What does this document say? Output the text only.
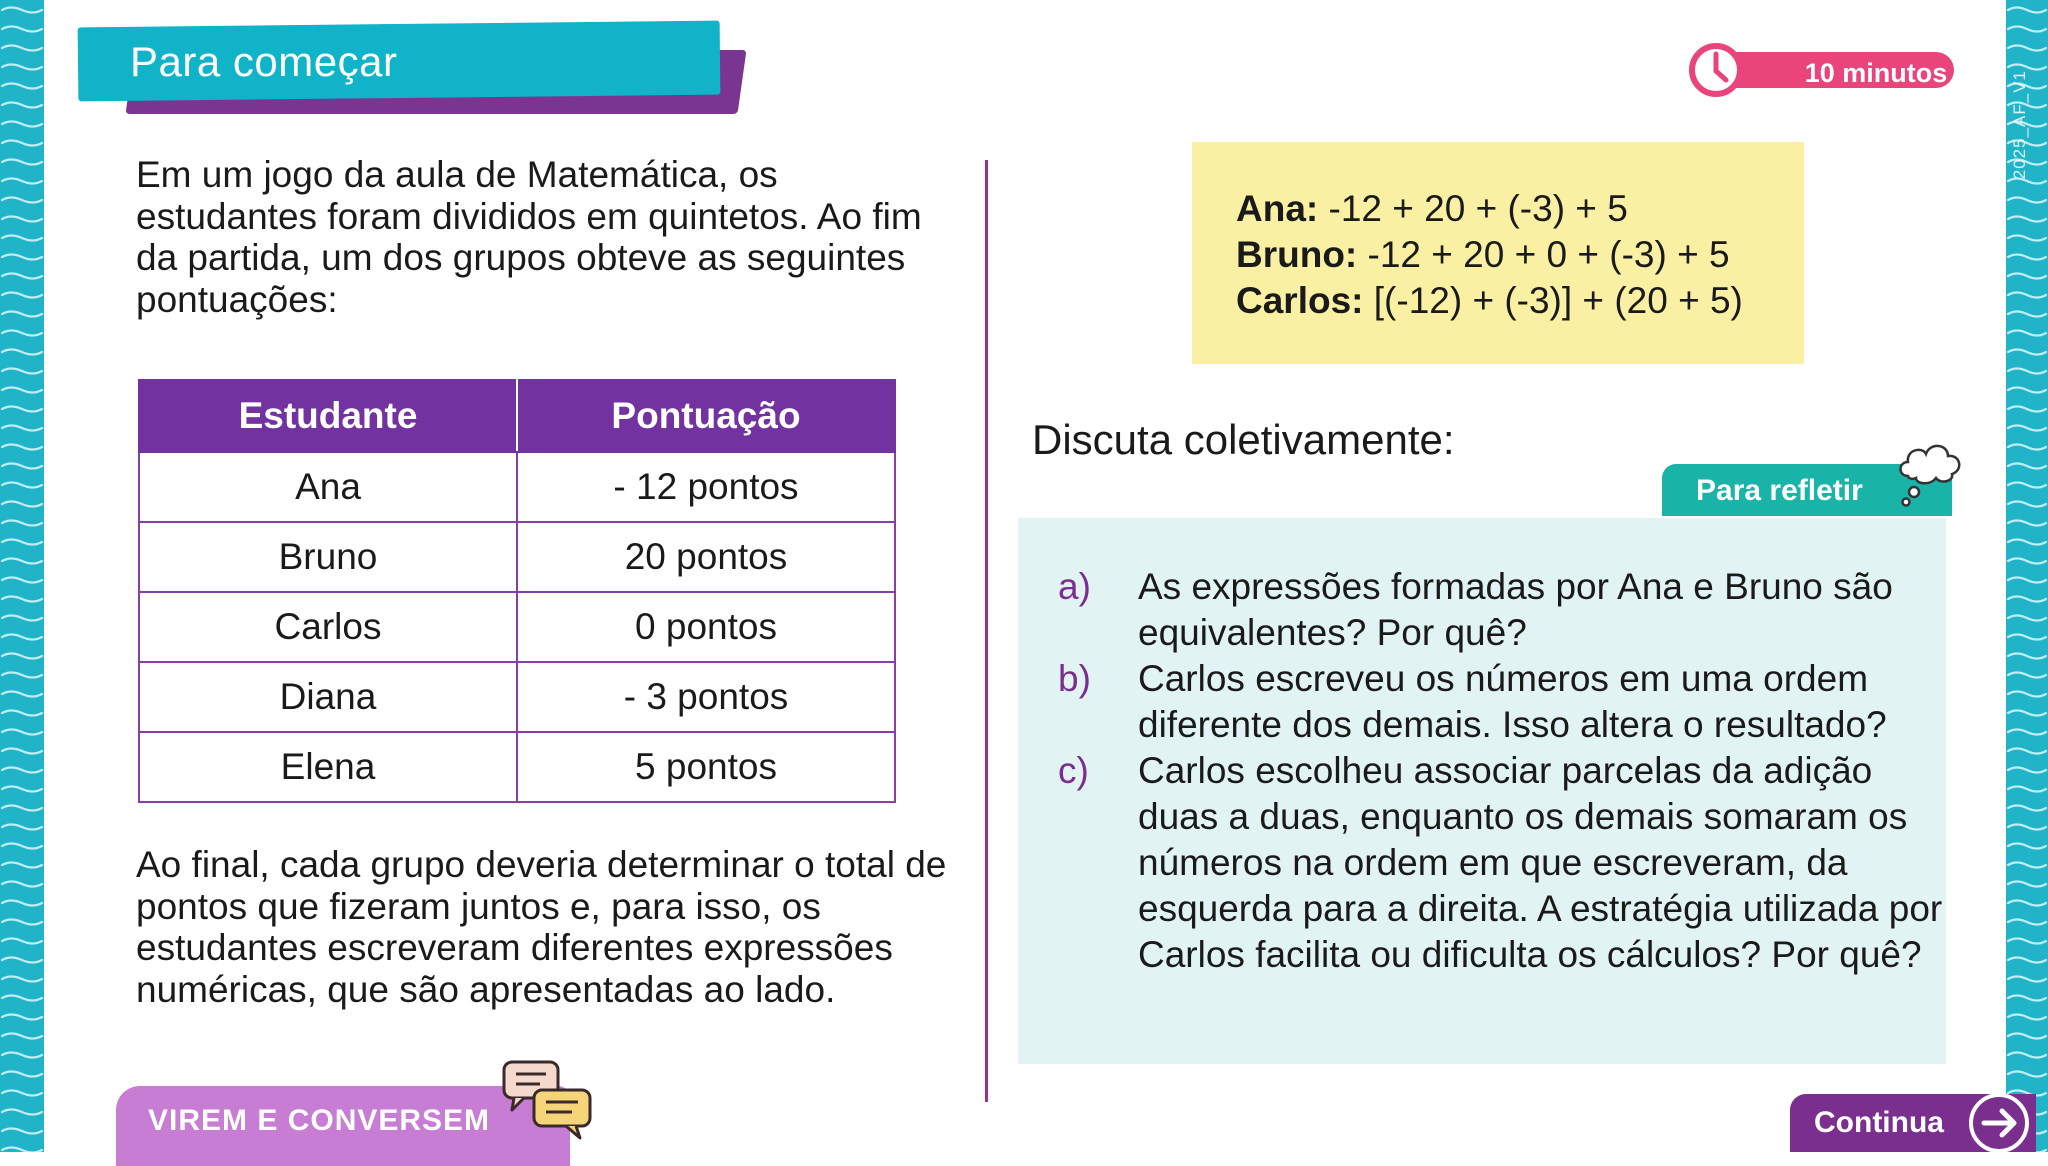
2025_AF_V1
Para começar	10 minutos
Em um jogo da aula de Matemática, os estudantes foram divididos em quintetos. Ao fim da partida, um dos grupos obteve as seguintes pontuações:
Estudante	Pontuação
Ana	- 12 pontos
Bruno	20 pontos
Carlos	0 pontos
Diana	- 3 pontos
Elena	5 pontos
Ao final, cada grupo deveria determinar o total de pontos que fizeram juntos e, para isso, os estudantes escreveram diferentes expressões numéricas, que são apresentadas ao lado.
Ana: -12 + 20 + (-3) + 5
Bruno: -12 + 20 + 0 + (-3) + 5
Carlos: [(-12) + (-3)] + (20 + 5)
Discuta coletivamente:
Para refletir
a) As expressões formadas por Ana e Bruno são equivalentes? Por quê?
b) Carlos escreveu os números em uma ordem diferente dos demais. Isso altera o resultado?
c) Carlos escolheu associar parcelas da adição duas a duas, enquanto os demais somaram os números na ordem em que escreveram, da esquerda para a direita. A estratégia utilizada por Carlos facilita ou dificulta os cálculos? Por quê?
VIREM E CONVERSEM	Continua
